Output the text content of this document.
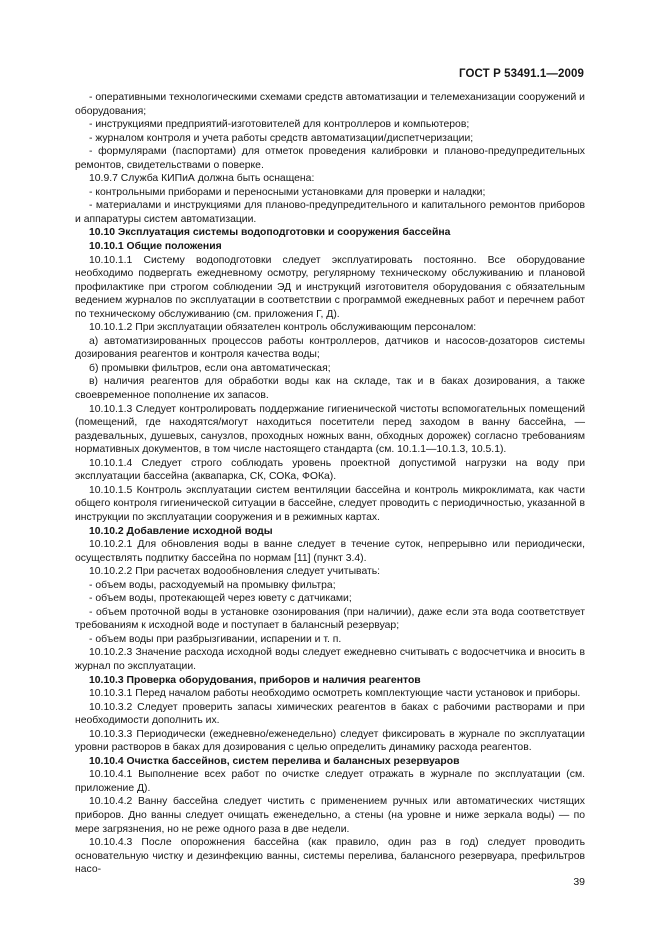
ГОСТ Р 53491.1—2009

- оперативными технологическими схемами средств автоматизации и телемеханизации сооружений и оборудования;

- инструкциями предприятий-изготовителей для контроллеров и компьютеров;

- журналом контроля и учета работы средств автоматизации/диспетчеризации;

- формулярами (паспортами) для отметок проведения калибровки и планово-предупредительных ремонтов, свидетельствами о поверке.

10.9.7 Служба КИПиА должна быть оснащена:

- контрольными приборами и переносными установками для проверки и наладки;

- материалами и инструкциями для планово-предупредительного и капитального ремонтов приборов и аппаратуры систем автоматизации.

10.10 Эксплуатация системы водоподготовки и сооружения бассейна

10.10.1 Общие положения

10.10.1.1 Систему водоподготовки следует эксплуатировать постоянно. Все оборудование необходимо подвергать ежедневному осмотру, регулярному техническому обслуживанию и плановой профилактике при строгом соблюдении ЭД и инструкций изготовителя оборудования с обязательным ведением журналов по эксплуатации в соответствии с программой ежедневных работ и перечнем работ по техническому обслуживанию (см. приложения Г, Д).

10.10.1.2 При эксплуатации обязателен контроль обслуживающим персоналом:

а) автоматизированных процессов работы контроллеров, датчиков и насосов-дозаторов системы дозирования реагентов и контроля качества воды;

б) промывки фильтров, если она автоматическая;

в) наличия реагентов для обработки воды как на складе, так и в баках дозирования, а также своевременное пополнение их запасов.

10.10.1.3 Следует контролировать поддержание гигиенической чистоты вспомогательных помещений (помещений, где находятся/могут находиться посетители перед заходом в ванну бассейна, — раздевальных, душевых, санузлов, проходных ножных ванн, обходных дорожек) согласно требованиям нормативных документов, в том числе настоящего стандарта (см. 10.1.1—10.1.3, 10.5.1).

10.10.1.4 Следует строго соблюдать уровень проектной допустимой нагрузки на воду при эксплуатации бассейна (аквапарка, СК, СОКа, ФОКа).

10.10.1.5 Контроль эксплуатации систем вентиляции бассейна и контроль микроклимата, как части общего контроля гигиенической ситуации в бассейне, следует проводить с периодичностью, указанной в инструкции по эксплуатации сооружения и в режимных картах.

10.10.2 Добавление исходной воды

10.10.2.1 Для обновления воды в ванне следует в течение суток, непрерывно или периодически, осуществлять подпитку бассейна по нормам [11] (пункт 3.4).

10.10.2.2 При расчетах водообновления следует учитывать:

- объем воды, расходуемый на промывку фильтра;

- объем воды, протекающей через ювету с датчиками;

- объем проточной воды в установке озонирования (при наличии), даже если эта вода соответствует требованиям к исходной воде и поступает в балансный резервуар;

- объем воды при разбрызгивании, испарении и т. п.

10.10.2.3 Значение расхода исходной воды следует ежедневно считывать с водосчетчика и вносить в журнал по эксплуатации.

10.10.3 Проверка оборудования, приборов и наличия реагентов

10.10.3.1 Перед началом работы необходимо осмотреть комплектующие части установок и приборы.

10.10.3.2 Следует проверить запасы химических реагентов в баках с рабочими растворами и при необходимости дополнить их.

10.10.3.3 Периодически (ежедневно/еженедельно) следует фиксировать в журнале по эксплуатации уровни растворов в баках для дозирования с целью определить динамику расхода реагентов.

10.10.4 Очистка бассейнов, систем перелива и балансных резервуаров

10.10.4.1 Выполнение всех работ по очистке следует отражать в журнале по эксплуатации (см. приложение Д).

10.10.4.2 Ванну бассейна следует чистить с применением ручных или автоматических чистящих приборов. Дно ванны следует очищать еженедельно, а стены (на уровне и ниже зеркала воды) — по мере загрязнения, но не реже одного раза в две недели.

10.10.4.3 После опорожнения бассейна (как правило, один раз в год) следует проводить основательную чистку и дезинфекцию ванны, системы перелива, балансного резервуара, префильтров насо-

39
